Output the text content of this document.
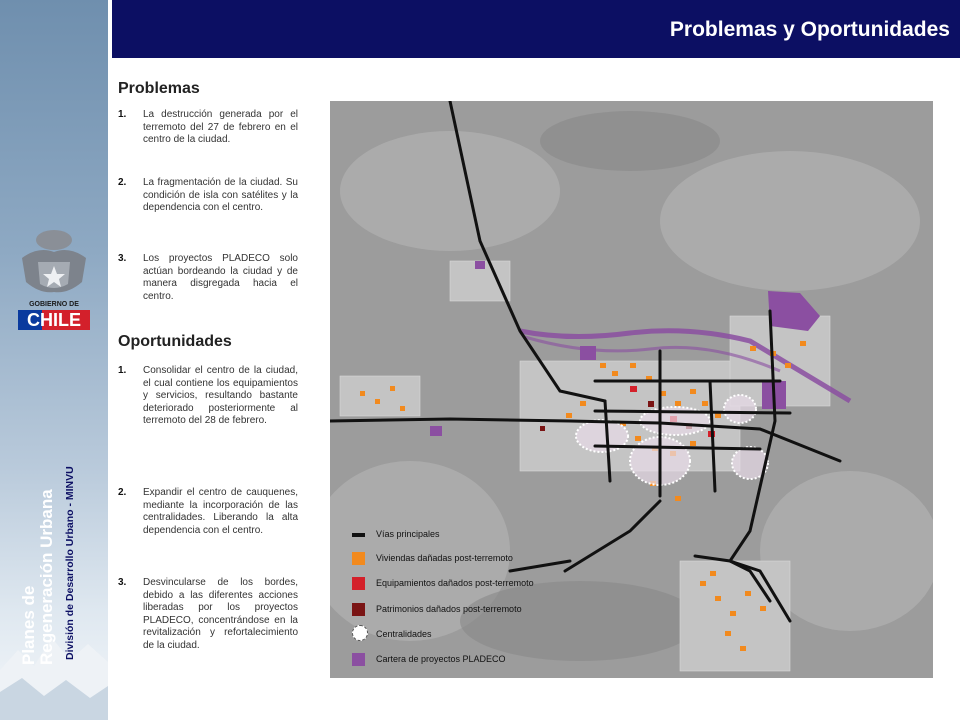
GOBIERNO DE
CHILE
Planes de Regeneración Urbana División de Desarrollo Urbano - MINVU
Problemas y Oportunidades
Problemas
1. La destrucción generada por el terremoto del 27 de febrero en el centro de la ciudad.
2. La fragmentación de la ciudad. Su condición de isla con satélites y la dependencia con el centro.
3. Los proyectos PLADECO solo actúan bordeando la ciudad y de manera disgregada hacia el centro.
Oportunidades
1. Consolidar el centro de la ciudad, el cual contiene los equipamientos y servicios, resultando bastante deteriorado posteriormente al terremoto del 28 de febrero.
2. Expandir el centro de cauquenes, mediante la incorporación de las centralidades. Liberando la alta dependencia con el centro.
3. Desvincularse de los bordes, debido a las diferentes acciones liberadas por los proyectos PLADECO, concentrándose en la revitalización y refortalecimiento de la ciudad.
Vías principales
Viviendas dañadas post-terremoto
Equipamientos dañados post-terremoto
Patrimonios dañados post-terremoto
Centralidades
Cartera de proyectos PLADECO
